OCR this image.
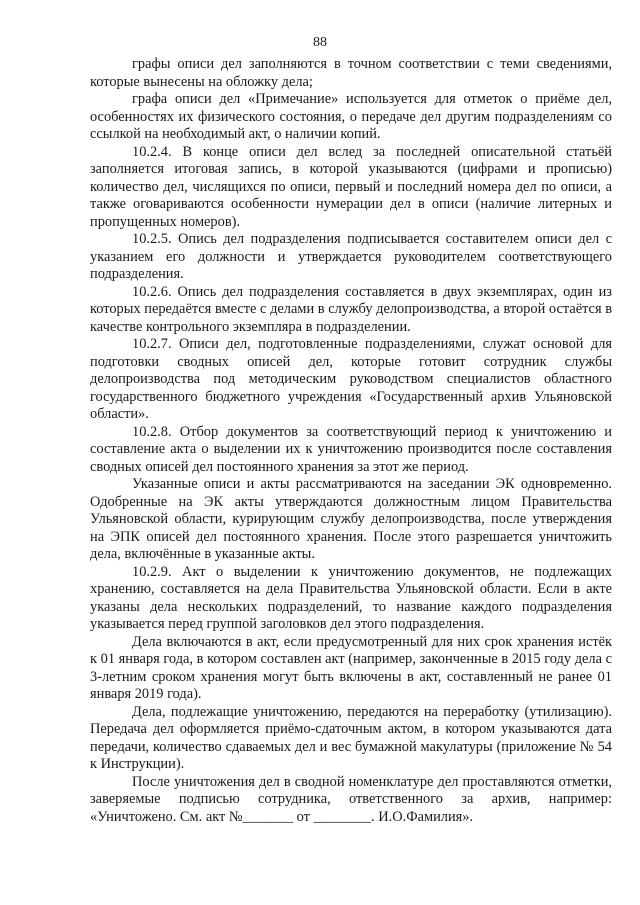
88

графы описи дел заполняются в точном соответствии с теми сведениями, которые вынесены на обложку дела;

графа описи дел «Примечание» используется для отметок о приёме дел, особенностях их физического состояния, о передаче дел другим подразделениям со ссылкой на необходимый акт, о наличии копий.

10.2.4. В конце описи дел вслед за последней описательной статьёй заполняется итоговая запись, в которой указываются (цифрами и прописью) количество дел, числящихся по описи, первый и последний номера дел по описи, а также оговариваются особенности нумерации дел в описи (наличие литерных и пропущенных номеров).

10.2.5. Опись дел подразделения подписывается составителем описи дел с указанием его должности и утверждается руководителем соответствующего подразделения.

10.2.6. Опись дел подразделения составляется в двух экземплярах, один из которых передаётся вместе с делами в службу делопроизводства, а второй остаётся в качестве контрольного экземпляра в подразделении.

10.2.7. Описи дел, подготовленные подразделениями, служат основой для подготовки сводных описей дел, которые готовит сотрудник службы делопроизводства под методическим руководством специалистов областного государственного бюджетного учреждения «Государственный архив Ульяновской области».

10.2.8. Отбор документов за соответствующий период к уничтожению и составление акта о выделении их к уничтожению производится после составления сводных описей дел постоянного хранения за этот же период.

Указанные описи и акты рассматриваются на заседании ЭК одновременно. Одобренные на ЭК акты утверждаются должностным лицом Правительства Ульяновской области, курирующим службу делопроизводства, после утверждения на ЭПК описей дел постоянного хранения. После этого разрешается уничтожить дела, включённые в указанные акты.

10.2.9. Акт о выделении к уничтожению документов, не подлежащих хранению, составляется на дела Правительства Ульяновской области. Если в акте указаны дела нескольких подразделений, то название каждого подразделения указывается перед группой заголовков дел этого подразделения.

Дела включаются в акт, если предусмотренный для них срок хранения истёк к 01 января года, в котором составлен акт (например, законченные в 2015 году дела с 3-летним сроком хранения могут быть включены в акт, составленный не ранее 01 января 2019 года).

Дела, подлежащие уничтожению, передаются на переработку (утилизацию). Передача дел оформляется приёмо-сдаточным актом, в котором указываются дата передачи, количество сдаваемых дел и вес бумажной макулатуры (приложение № 54 к Инструкции).

После уничтожения дел в сводной номенклатуре дел проставляются отметки, заверяемые подписью сотрудника, ответственного за архив, например: «Уничтожено. См. акт №_______ от ________. И.О.Фамилия».
